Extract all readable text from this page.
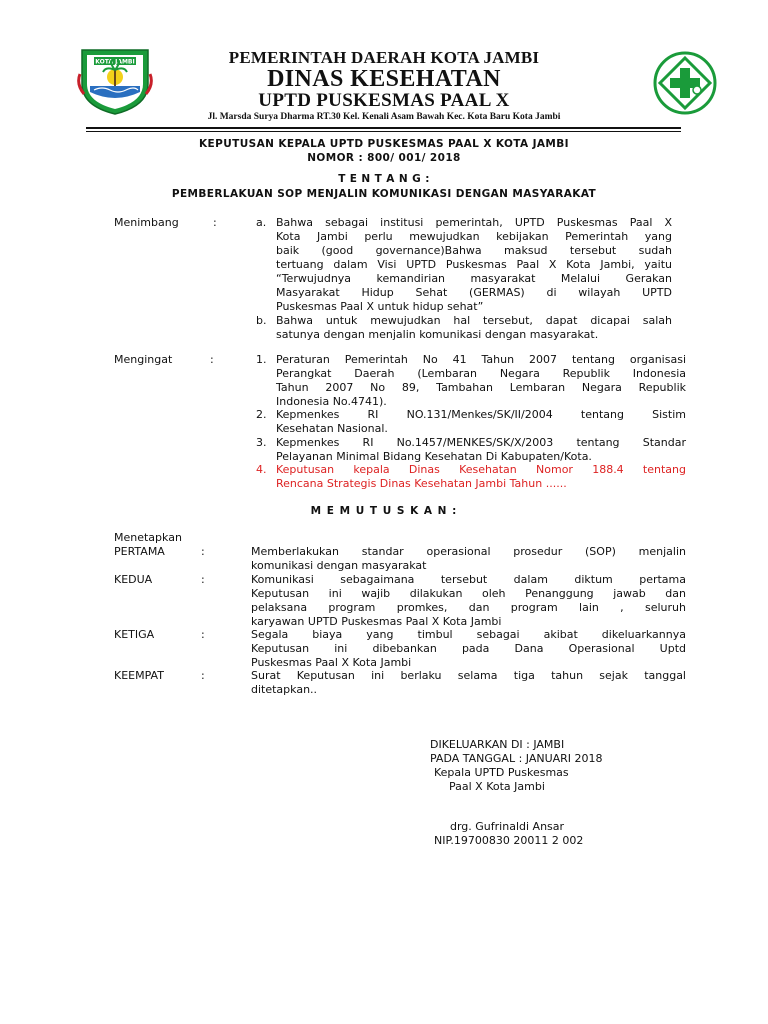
KOTA JAMBI	PEMERINTAH DAERAH KOTA JAMBI
DINAS KESEHATAN
UPTD PUSKESMAS PAAL X
Jl. Marsda Surya Dharma RT.30 Kel. Kenali Asam Bawah Kec. Kota Baru Kota Jambi
KEPUTUSAN KEPALA UPTD PUSKESMAS PAAL X KOTA JAMBI
NOMOR : 800/ 001/ 2018
T E N T A N G :
PEMBERLAKUAN SOP MENJALIN KOMUNIKASI DENGAN MASYARAKAT
Menimbang	:	a. Bahwa sebagai institusi pemerintah, UPTD Puskesmas Paal X
Kota Jambi perlu mewujudkan kebijakan Pemerintah yang
baik (good governance)Bahwa maksud tersebut sudah
tertuang dalam Visi UPTD Puskesmas Paal X Kota Jambi, yaitu
“Terwujudnya kemandirian masyarakat Melalui Gerakan
Masyarakat Hidup Sehat (GERMAS) di wilayah UPTD
Puskesmas Paal X untuk hidup sehat”
b. Bahwa untuk mewujudkan hal tersebut, dapat dicapai salah
satunya dengan menjalin komunikasi dengan masyarakat.
Mengingat	:	1. Peraturan Pemerintah No 41 Tahun 2007 tentang organisasi
Perangkat Daerah (Lembaran Negara Republik Indonesia
Tahun 2007 No 89, Tambahan Lembaran Negara Republik
Indonesia No.4741).
2. Kepmenkes RI NO.131/Menkes/SK/II/2004 tentang Sistim
Kesehatan Nasional.
3. Kepmenkes RI No.1457/MENKES/SK/X/2003 tentang Standar
Pelayanan Minimal Bidang Kesehatan Di Kabupaten/Kota.
4. Keputusan kepala Dinas Kesehatan Nomor 188.4 tentang
Rencana Strategis Dinas Kesehatan Jambi Tahun ......
M E M U T U S K A N :
Menetapkan
PERTAMA	:	Memberlakukan standar operasional prosedur (SOP) menjalin
komunikasi dengan masyarakat
KEDUA	:	Komunikasi sebagaimana tersebut dalam diktum pertama
Keputusan ini wajib dilakukan oleh Penanggung jawab dan
pelaksana program promkes, dan program lain , seluruh
karyawan UPTD Puskesmas Paal X Kota Jambi
KETIGA	:	Segala biaya yang timbul sebagai akibat dikeluarkannya
Keputusan ini dibebankan pada Dana Operasional Uptd
Puskesmas Paal X Kota Jambi
KEEMPAT	:	Surat Keputusan ini berlaku selama tiga tahun sejak tanggal
ditetapkan..
DIKELUARKAN DI : JAMBI
PADA TANGGAL : JANUARI 2018
Kepala UPTD Puskesmas
Paal X Kota Jambi
drg. Gufrinaldi Ansar
NIP.19700830 20011 2 002
